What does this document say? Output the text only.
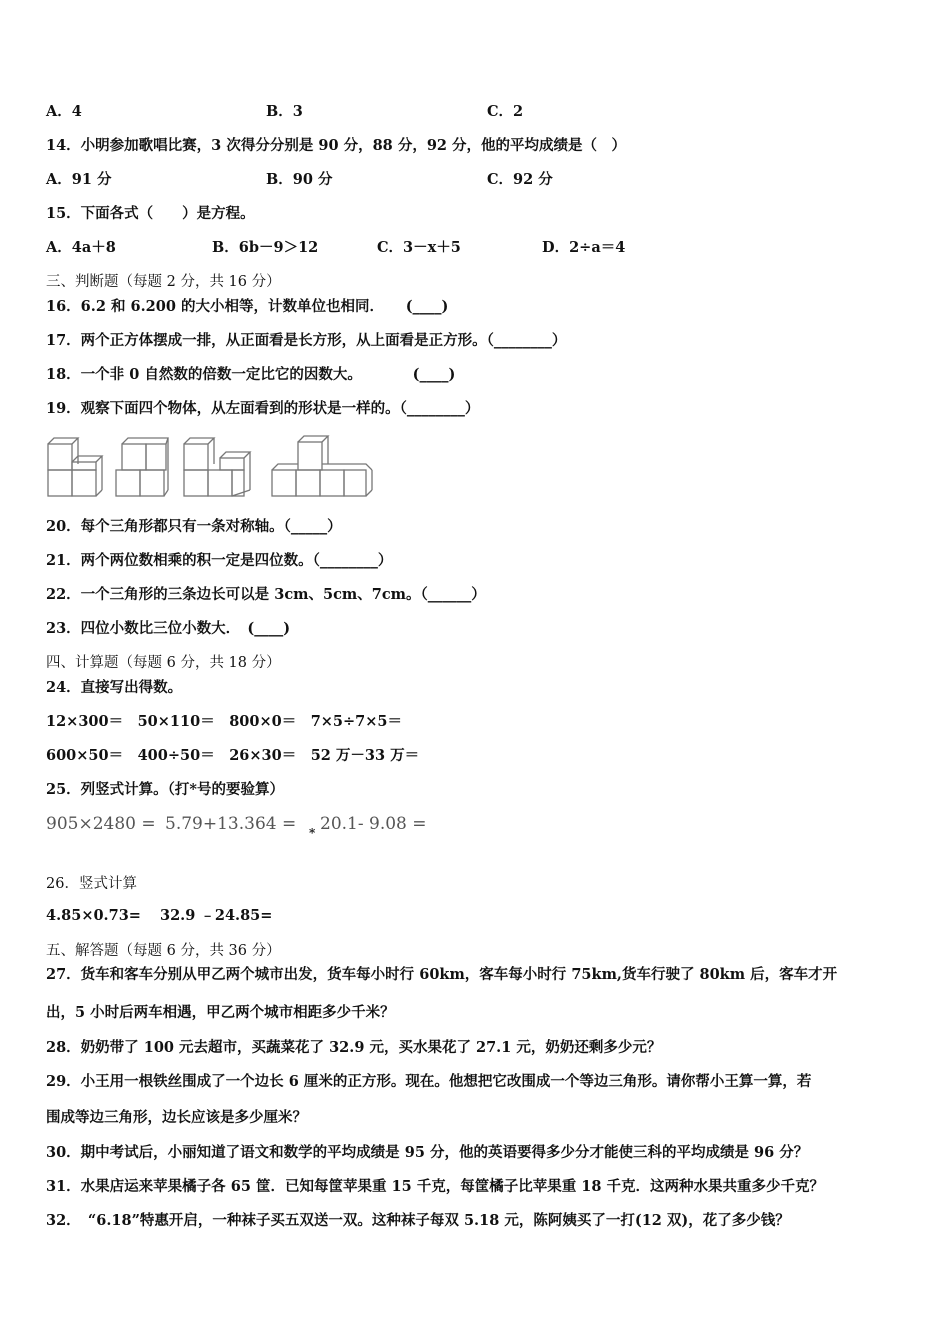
A．4	B．3	C．2
14．小明参加歌唱比赛，3 次得分分别是 90 分，88 分，92 分，他的平均成绩是（　）
A．91 分	B．90 分	C．92 分
15．下面各式（　　）是方程。
A．4a＋8	B．6b－9＞12	C．3－x＋5	D．2÷a＝4
三、判断题（每题 2 分，共 16 分）
16．6.2 和 6.200 的大小相等，计数单位也相同．　　(____)
17．两个正方体摆成一排，从正面看是长方形，从上面看是正方形。（________）
18．一个非 0 自然数的倍数一定比它的因数大。　　　　(____)
19．观察下面四个物体，从左面看到的形状是一样的。（________）
20．每个三角形都只有一条对称轴。（_____）
21．两个两位数相乘的积一定是四位数。（________）
22．一个三角形的三条边长可以是 3cm、5cm、7cm。（______）
23．四位小数比三位小数大．　(____)
四、计算题（每题 6 分，共 18 分）
24．直接写出得数。
12×300＝　50×110＝　800×0＝　7×5÷7×5＝
600×50＝　400÷50＝　26×30＝　52 万－33 万＝
25．列竖式计算。（打*号的要验算）
905×2480 = 5.79+13.364 = * 20.1- 9.08 =
26．竖式计算
4.85×0.73= 32.9 ﹣24.85=
五、解答题（每题 6 分，共 36 分）
27．货车和客车分别从甲乙两个城市出发，货车每小时行 60km，客车每小时行 75km,货车行驶了 80km 后，客车才开
出，5 小时后两车相遇，甲乙两个城市相距多少千米？
28．奶奶带了 100 元去超市，买蔬菜花了 32.9 元，买水果花了 27.1 元，奶奶还剩多少元？
29．小王用一根铁丝围成了一个边长 6 厘米的正方形。现在。他想把它改围成一个等边三角形。请你帮小王算一算，若
围成等边三角形，边长应该是多少厘米？
30．期中考试后，小丽知道了语文和数学的平均成绩是 95 分，他的英语要得多少分才能使三科的平均成绩是 96 分？
31．水果店运来苹果橘子各 65 筐．已知每筐苹果重 15 千克，每筐橘子比苹果重 18 千克．这两种水果共重多少千克？
32．　“6.18”特惠开启，一种袜子买五双送一双。这种袜子每双 5.18 元，陈阿姨买了一打(12 双)，花了多少钱？
